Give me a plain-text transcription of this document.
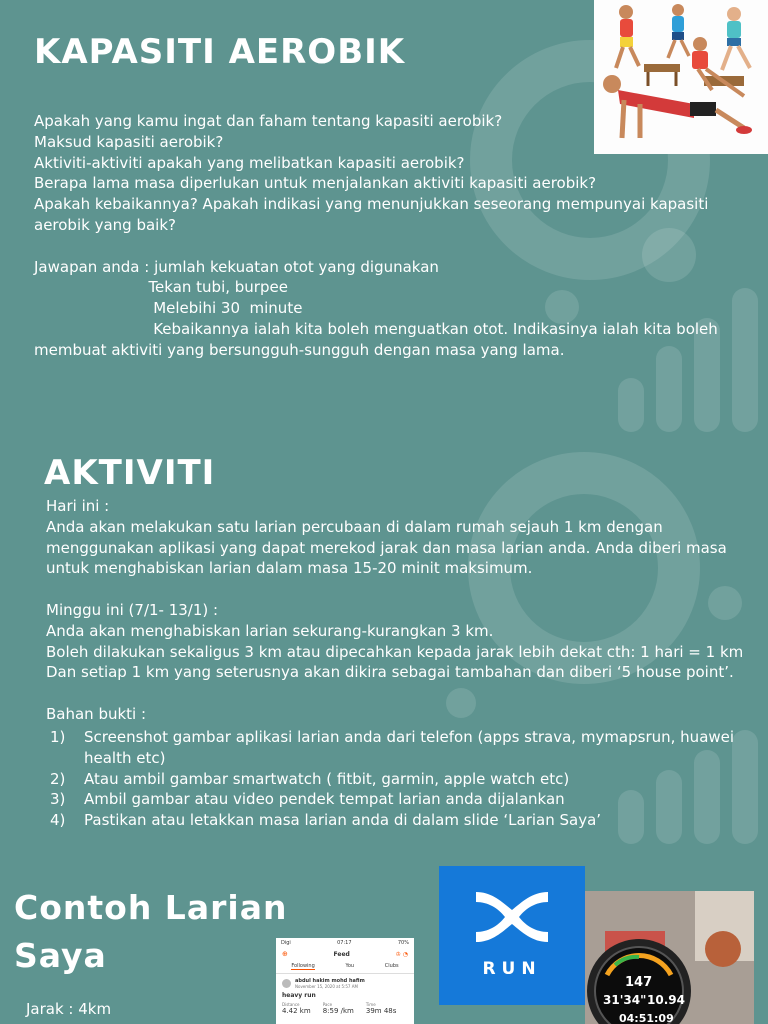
KAPASITI AEROBIK

Apakah yang kamu ingat dan faham tentang kapasiti aerobik?
Maksud kapasiti aerobik?
Aktiviti-aktiviti apakah yang melibatkan kapasiti aerobik?
Berapa lama masa diperlukan untuk menjalankan aktiviti kapasiti aerobik?
Apakah kebaikannya? Apakah indikasi yang menunjukkan seseorang mempunyai kapasiti aerobik yang baik?

Jawapan anda : jumlah kekuatan otot yang digunakan
Tekan tubi, burpee
Melebihi 30  minute
Kebaikannya ialah kita boleh menguatkan otot. Indikasinya ialah kita boleh membuat aktiviti yang bersungguh-sungguh dengan masa yang lama.

AKTIVITI

Hari ini :
Anda akan melakukan satu larian percubaan di dalam rumah sejauh 1 km dengan menggunakan aplikasi yang dapat merekod jarak dan masa larian anda. Anda diberi masa untuk menghabiskan larian dalam masa 15-20 minit maksimum.

Minggu ini (7/1- 13/1) :
Anda akan menghabiskan larian sekurang-kurangkan 3 km.
Boleh dilakukan sekaligus 3 km atau dipecahkan kepada jarak lebih dekat cth: 1 hari = 1 km
Dan setiap 1 km yang seterusnya akan dikira sebagai tambahan dan diberi ‘5 house point’.

Bahan bukti :

1) Screenshot gambar aplikasi larian anda dari telefon (apps strava, mymapsrun, huawei health etc)
2) Atau ambil gambar smartwatch ( fitbit, garmin, apple watch etc)
3) Ambil gambar atau video pendek tempat larian anda dijalankan
4) Pastikan atau letakkan masa larian anda di dalam slide ‘Larian Saya’
Contoh Larian Saya

Jarak : 4km

Digi	07:17	70%
⊕	Feed	♔ ◔
Following	You	Clubs
abdul hakim mohd hafim
November 15, 2020 at 5:57 AM
heavy run
Distance
4.42 km
Pace
8:59 /km
Time
39m 48s
RUN
147
31'34" 10.94
04:51:09
